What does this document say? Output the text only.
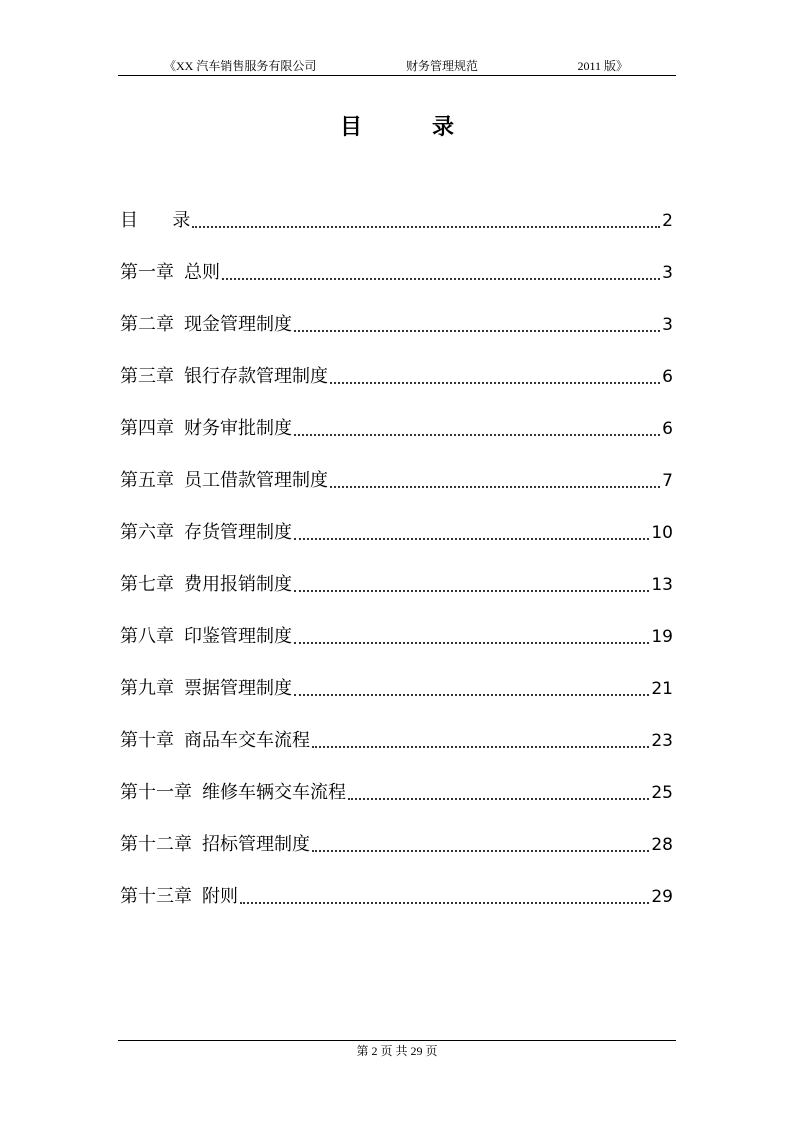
《XX 汽车销售服务有限公司	财务管理规范	2011 版》
目	录
目      录	2
第一章 总则	3
第二章 现金管理制度	3
第三章 银行存款管理制度	6
第四章 财务审批制度	6
第五章 员工借款管理制度	7
第六章 存货管理制度	10
第七章 费用报销制度	13
第八章 印鉴管理制度	19
第九章 票据管理制度	21
第十章 商品车交车流程	23
第十一章 维修车辆交车流程	25
第十二章 招标管理制度	28
第十三章 附则	29
第 2 页 共 29 页
